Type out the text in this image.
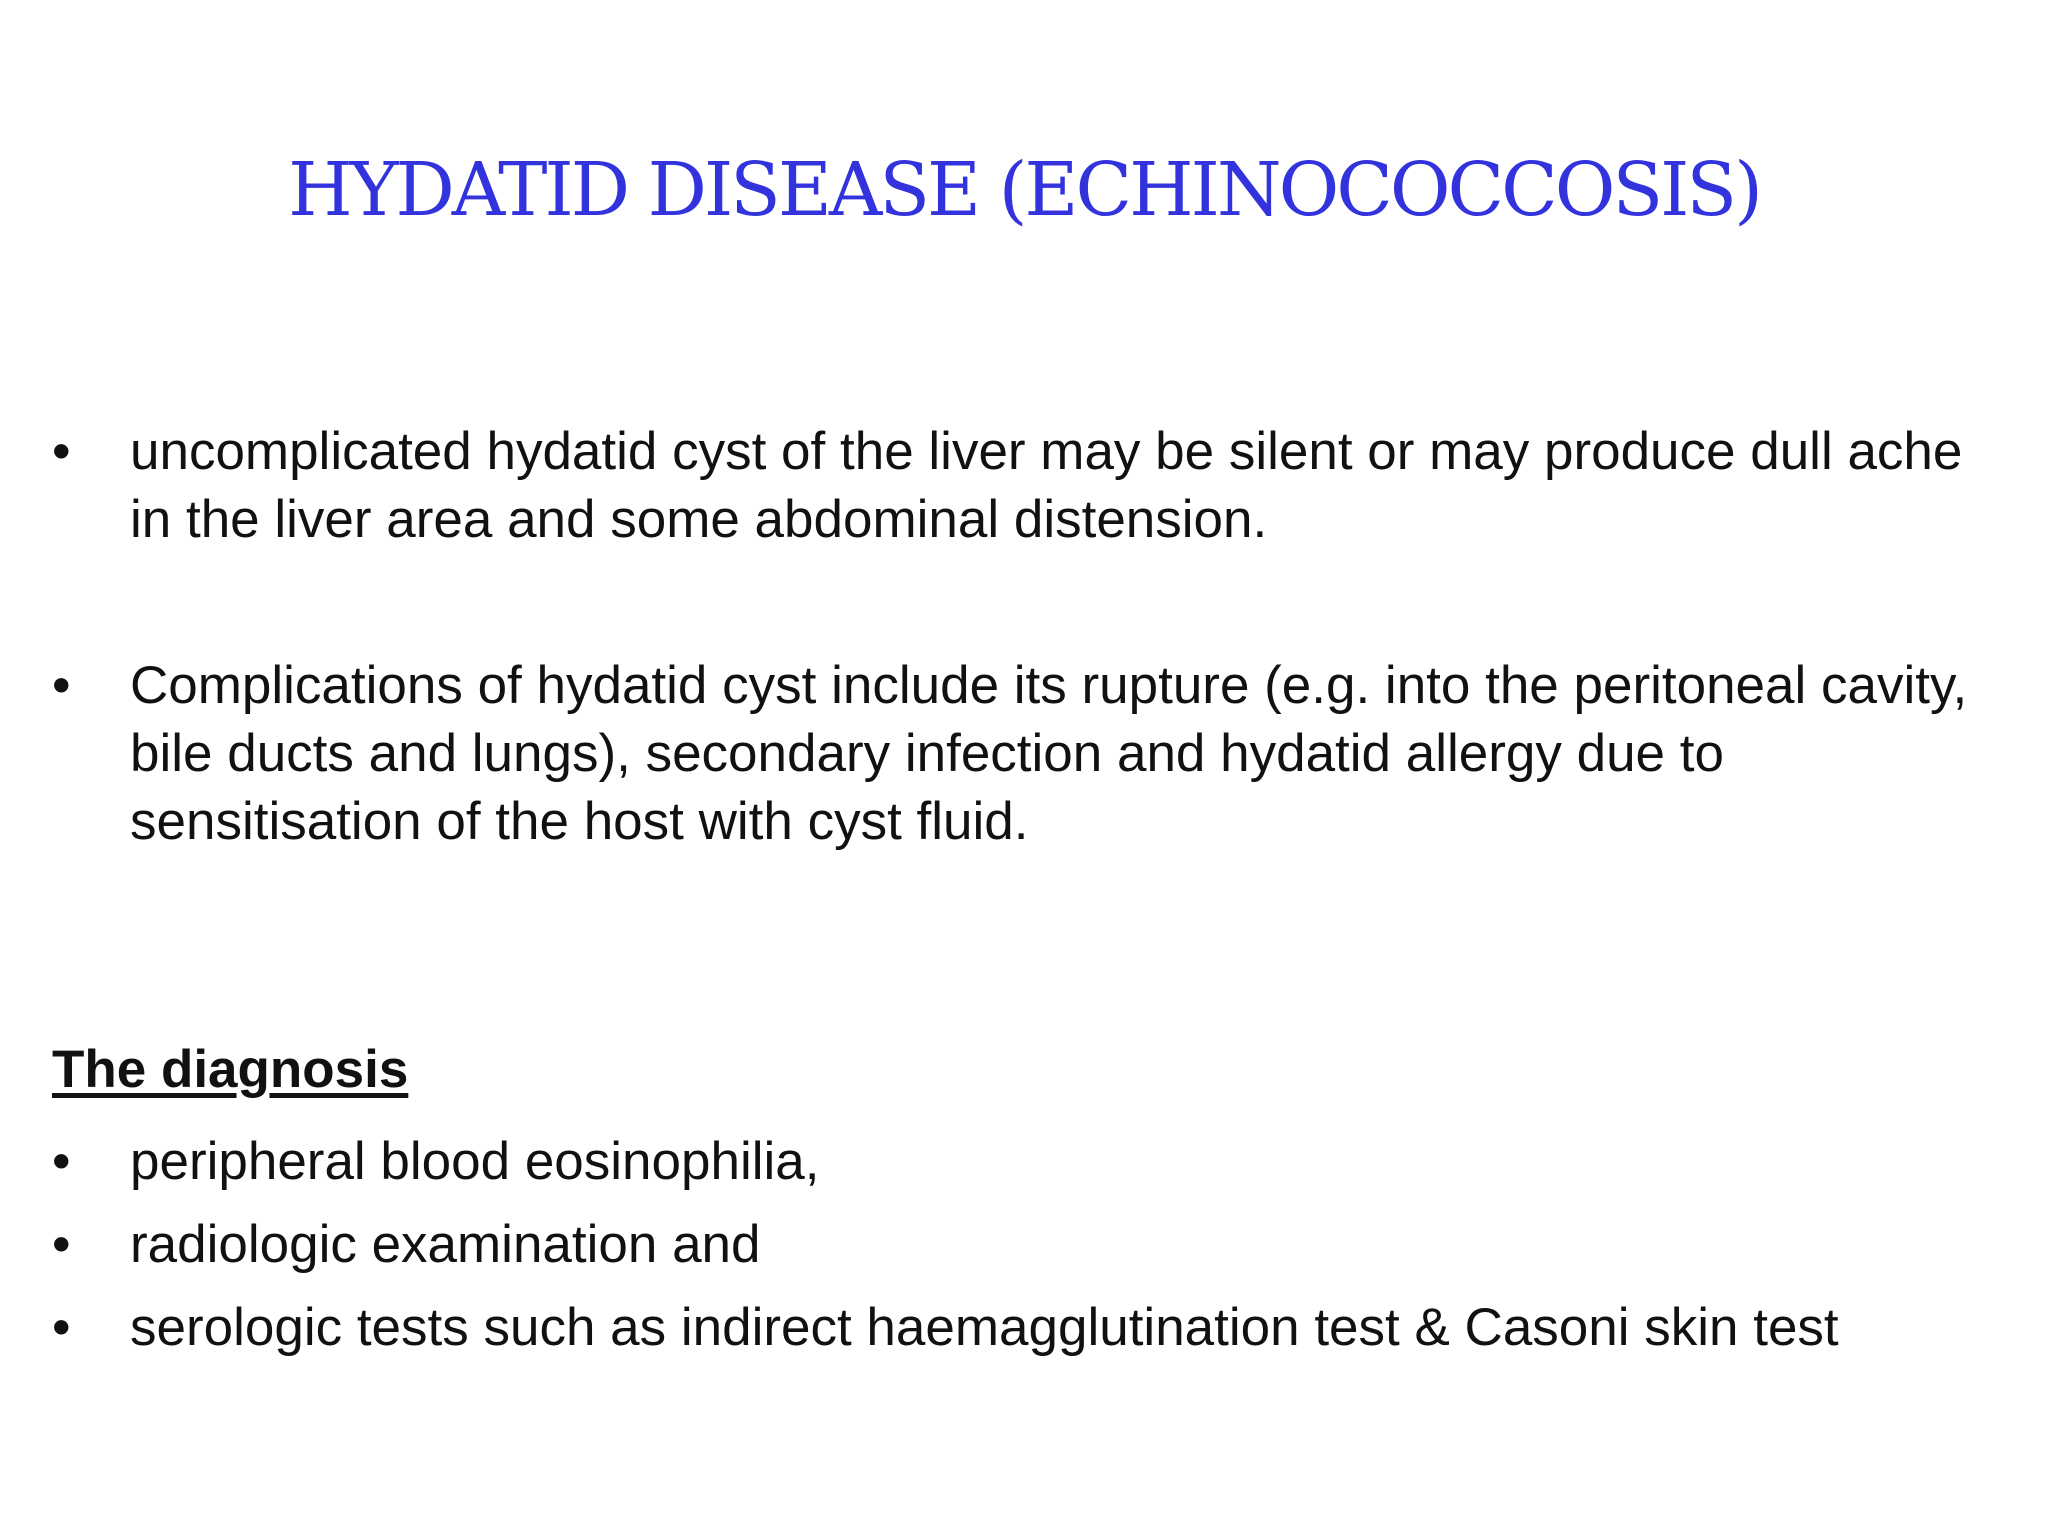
HYDATID DISEASE (ECHINOCOCCOSIS)
•	uncomplicated hydatid cyst of the liver may be silent or may produce dull ache in the liver area and some abdominal distension.
•	Complications of hydatid cyst include its rupture (e.g. into the peritoneal cavity, bile ducts and lungs), secondary infection and hydatid allergy due to sensitisation of the host with cyst fluid.
The diagnosis
•	peripheral blood eosinophilia,
•	radiologic examination and
•	serologic tests such as indirect haemagglutination test & Casoni skin test
